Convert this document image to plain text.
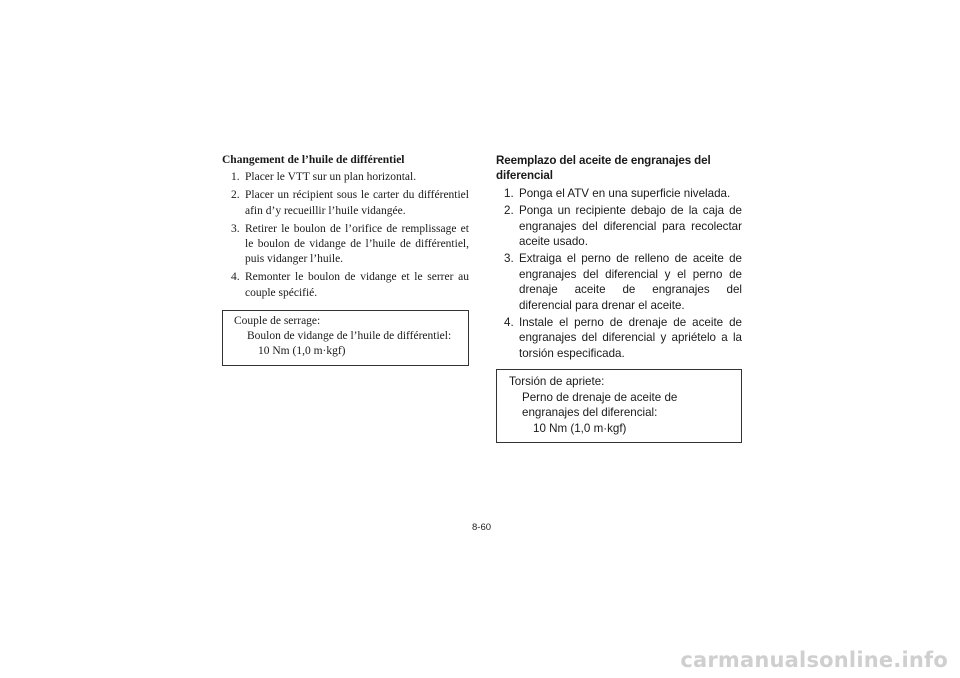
Changement de l’huile de différentiel

1. Placer le VTT sur un plan horizontal.
2. Placer un récipient sous le carter du différentiel afin d’y recueillir l’huile vidangée.
3. Retirer le boulon de l’orifice de remplissage et le boulon de vidange de l’huile de différentiel, puis vidanger l’huile.
4. Remonter le boulon de vidange et le serrer au couple spécifié.

Couple de serrage:

Boulon de vidange de l’huile de différentiel:

10 Nm (1,0 m·kgf)

Reemplazo del aceite de engranajes del diferencial

1. Ponga el ATV en una superficie nivelada.
2. Ponga un recipiente debajo de la caja de engranajes del diferencial para recolectar aceite usado.
3. Extraiga el perno de relleno de aceite de engranajes del diferencial y el perno de drenaje aceite de engranajes del diferencial para drenar el aceite.
4. Instale el perno de drenaje de aceite de engranajes del diferencial y apriételo a la torsión especificada.

Torsión de apriete:

Perno de drenaje de aceite de engranajes del diferencial:

10 Nm (1,0 m·kgf)

8-60
carmanualsonline.info
